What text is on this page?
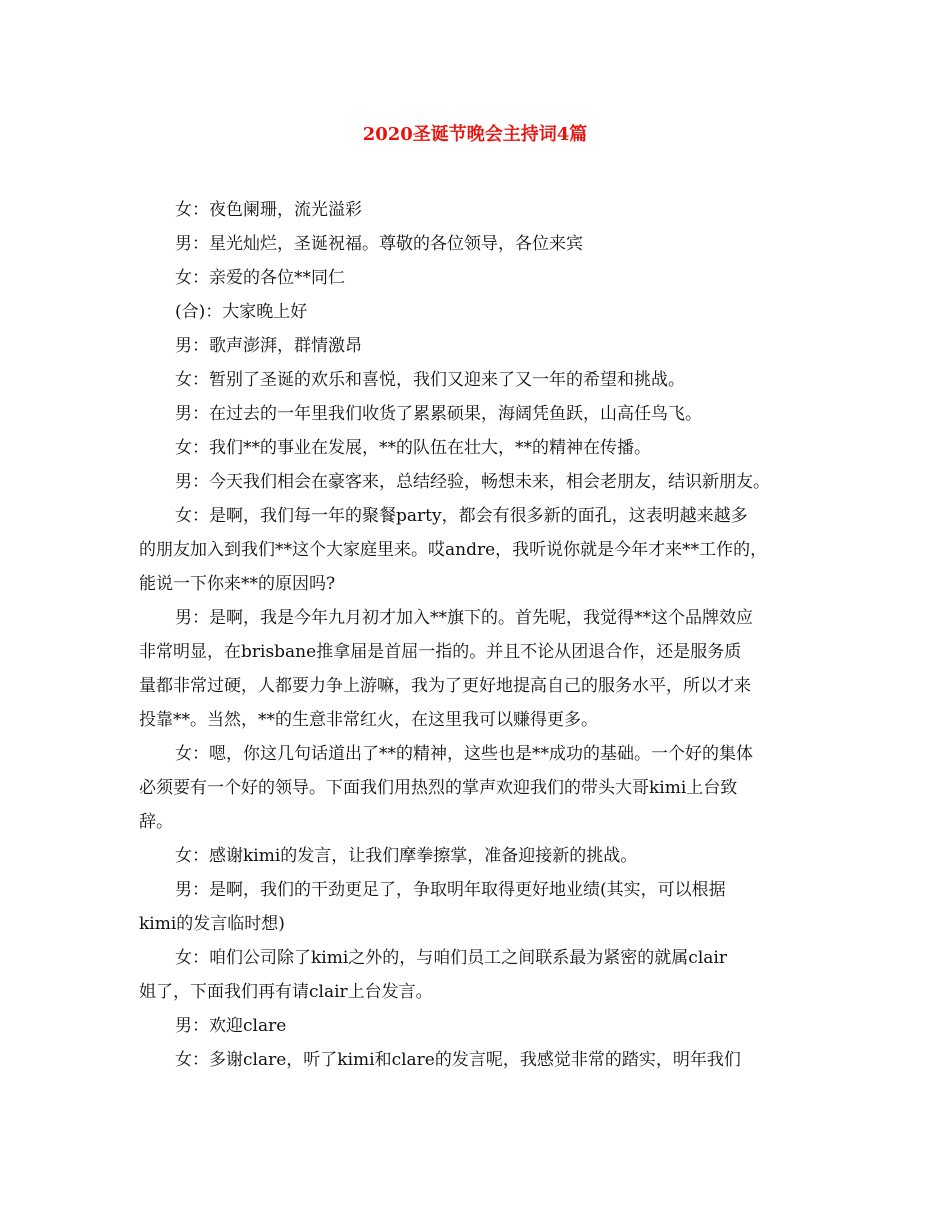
2020圣诞节晚会主持词4篇
女：夜色阑珊，流光溢彩
男：星光灿烂，圣诞祝福。尊敬的各位领导，各位来宾
女：亲爱的各位**同仁
(合)：大家晚上好
男：歌声澎湃，群情激昂
女：暂别了圣诞的欢乐和喜悦，我们又迎来了又一年的希望和挑战。
男：在过去的一年里我们收货了累累硕果，海阔凭鱼跃，山高任鸟飞。
女：我们**的事业在发展，**的队伍在壮大，**的精神在传播。
男：今天我们相会在豪客来，总结经验，畅想未来，相会老朋友，结识新朋友。
女：是啊，我们每一年的聚餐party，都会有很多新的面孔，这表明越来越多
的朋友加入到我们**这个大家庭里来。哎andre，我听说你就是今年才来**工作的，
能说一下你来**的原因吗?
男：是啊，我是今年九月初才加入**旗下的。首先呢，我觉得**这个品牌效应
非常明显，在brisbane推拿届是首屈一指的。并且不论从团退合作，还是服务质
量都非常过硬，人都要力争上游嘛，我为了更好地提高自己的服务水平，所以才来
投靠**。当然，**的生意非常红火，在这里我可以赚得更多。
女：嗯，你这几句话道出了**的精神，这些也是**成功的基础。一个好的集体
必须要有一个好的领导。下面我们用热烈的掌声欢迎我们的带头大哥kimi上台致
辞。
女：感谢kimi的发言，让我们摩拳擦掌，准备迎接新的挑战。
男：是啊，我们的干劲更足了，争取明年取得更好地业绩(其实，可以根据
kimi的发言临时想)
女：咱们公司除了kimi之外的，与咱们员工之间联系最为紧密的就属clair
姐了，下面我们再有请clair上台发言。
男：欢迎clare
女：多谢clare，听了kimi和clare的发言呢，我感觉非常的踏实，明年我们
